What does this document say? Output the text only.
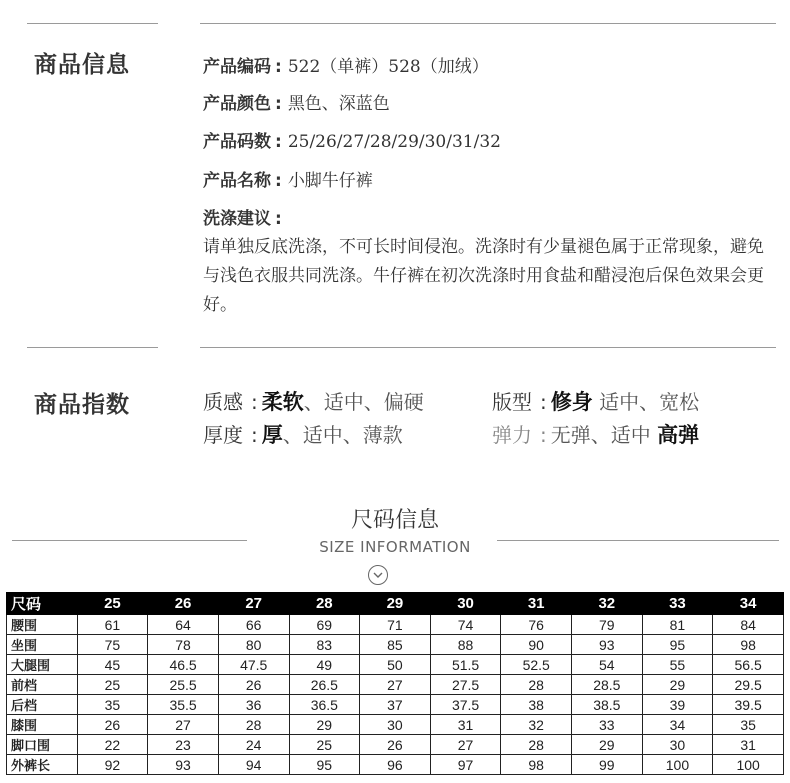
商品信息	产品编码 : 522（单裤）528（加绒）
产品颜色 : 黑色、深蓝色
产品码数 : 25/26/27/28/29/30/31/32
产品名称 : 小脚牛仔裤
洗涤建议 :
请单独反底洗涤，不可长时间侵泡。洗涤时有少量褪色属于正常现象，避免与浅色衣服共同洗涤。牛仔裤在初次洗涤时用食盐和醋浸泡后保色效果会更好。
商品指数	质感 : 柔软、适中、偏硬	版型 : 修身 适中、宽松
厚度 : 厚、适中、薄款	弹力 : 无弹、适中 高弹
尺码信息
SIZE INFORMATION
尺码	25	26	27	28	29	30	31	32	33	34
腰围	61	64	66	69	71	74	76	79	81	84
坐围	75	78	80	83	85	88	90	93	95	98
大腿围	45	46.5	47.5	49	50	51.5	52.5	54	55	56.5
前档	25	25.5	26	26.5	27	27.5	28	28.5	29	29.5
后档	35	35.5	36	36.5	37	37.5	38	38.5	39	39.5
膝围	26	27	28	29	30	31	32	33	34	35
脚口围	22	23	24	25	26	27	28	29	30	31
外裤长	92	93	94	95	96	97	98	99	100	100
